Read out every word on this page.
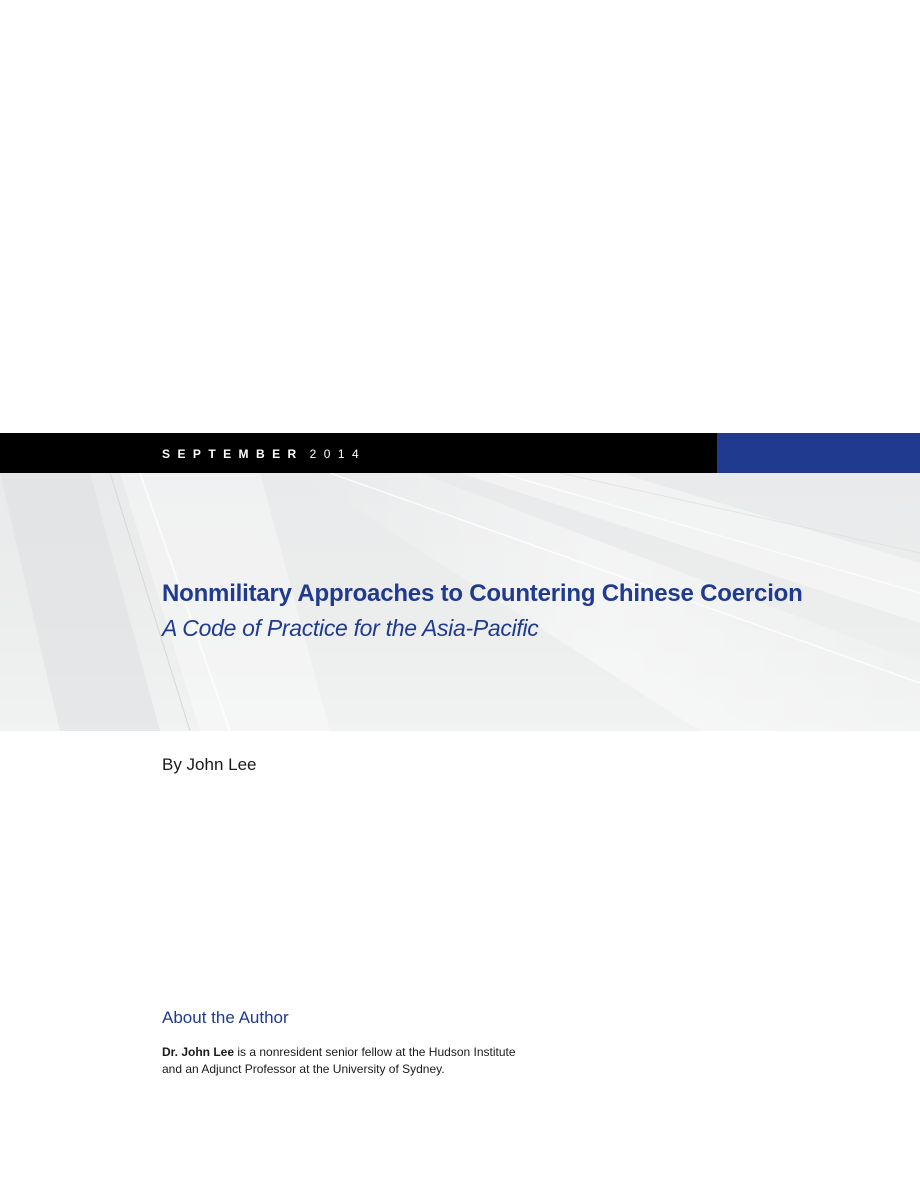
SEPTEMBER 2014
Nonmilitary Approaches to Countering Chinese Coercion
A Code of Practice for the Asia-Pacific
By John Lee
About the Author

Dr. John Lee is a nonresident senior fellow at the Hudson Institute and an Adjunct Professor at the University of Sydney.
